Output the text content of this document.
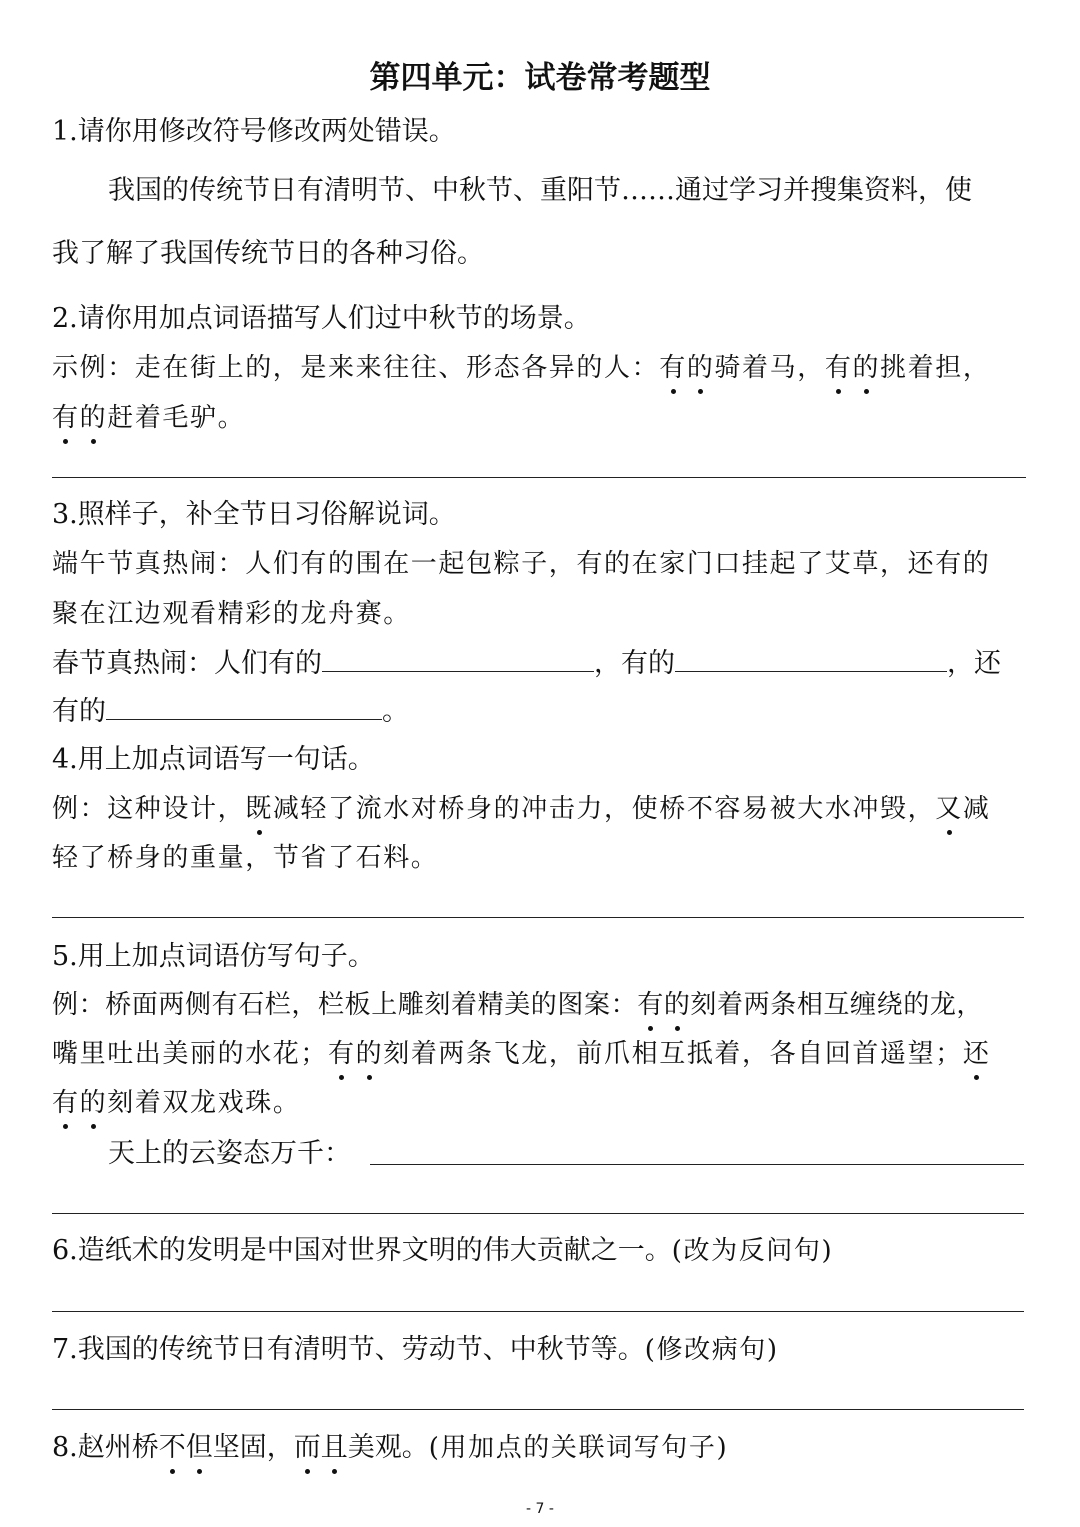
第四单元：试卷常考题型
1.请你用修改符号修改两处错误。
我国的传统节日有清明节、中秋节、重阳节……通过学习并搜集资料，使
我了解了我国传统节日的各种习俗。
2.请你用加点词语描写人们过中秋节的场景。
示例：走在街上的，是来来往往、形态各异的人：有的骑着马，有的挑着担，
有的赶着毛驴。
3.照样子，补全节日习俗解说词。
端午节真热闹：人们有的围在一起包粽子，有的在家门口挂起了艾草，还有的
聚在江边观看精彩的龙舟赛。
春节真热闹：人们有的	，有的	，还
有的	。
4.用上加点词语写一句话。
例：这种设计，既减轻了流水对桥身的冲击力，使桥不容易被大水冲毁，又减
轻了桥身的重量，节省了石料。
5.用上加点词语仿写句子。
例：桥面两侧有石栏，栏板上雕刻着精美的图案：有的刻着两条相互缠绕的龙，
嘴里吐出美丽的水花；有的刻着两条飞龙，前爪相互抵着，各自回首遥望；还
有的刻着双龙戏珠。
天上的云姿态万千：
6.造纸术的发明是中国对世界文明的伟大贡献之一。(改为反问句)
7.我国的传统节日有清明节、劳动节、中秋节等。(修改病句)
8.赵州桥不但坚固，而且美观。(用加点的关联词写句子)
- 7 -
